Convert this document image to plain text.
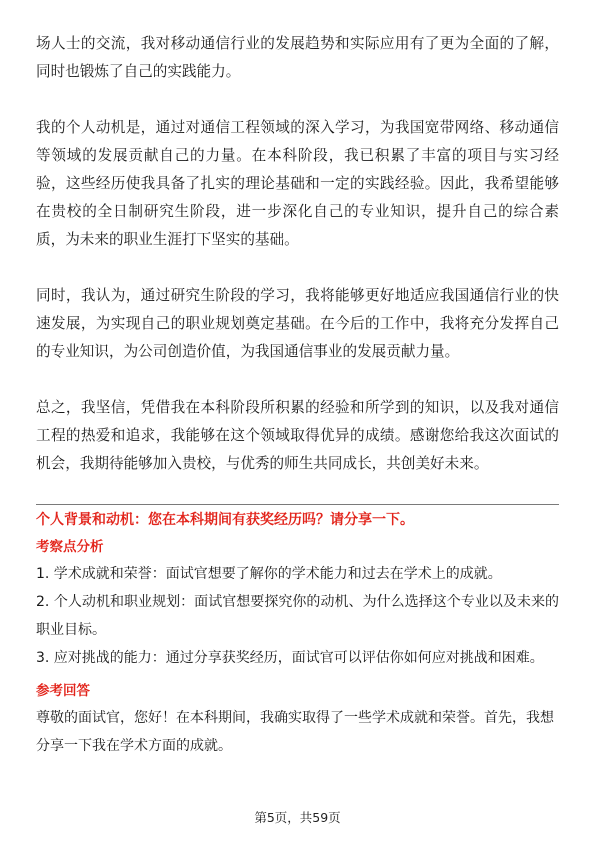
场人士的交流，我对移动通信行业的发展趋势和实际应用有了更为全面的了解，同时也锻炼了自己的实践能力。

我的个人动机是，通过对通信工程领域的深入学习，为我国宽带网络、移动通信等领域的发展贡献自己的力量。在本科阶段，我已积累了丰富的项目与实习经验，这些经历使我具备了扎实的理论基础和一定的实践经验。因此，我希望能够在贵校的全日制研究生阶段，进一步深化自己的专业知识，提升自己的综合素质，为未来的职业生涯打下坚实的基础。

同时，我认为，通过研究生阶段的学习，我将能够更好地适应我国通信行业的快速发展，为实现自己的职业规划奠定基础。在今后的工作中，我将充分发挥自己的专业知识，为公司创造价值，为我国通信事业的发展贡献力量。

总之，我坚信，凭借我在本科阶段所积累的经验和所学到的知识，以及我对通信工程的热爱和追求，我能够在这个领域取得优异的成绩。感谢您给我这次面试的机会，我期待能够加入贵校，与优秀的师生共同成长，共创美好未来。

个人背景和动机：您在本科期间有获奖经历吗？请分享一下。

考察点分析

1. 学术成就和荣誉：面试官想要了解你的学术能力和过去在学术上的成就。

2. 个人动机和职业规划：面试官想要探究你的动机、为什么选择这个专业以及未来的职业目标。

3. 应对挑战的能力：通过分享获奖经历，面试官可以评估你如何应对挑战和困难。

参考回答

尊敬的面试官，您好！在本科期间，我确实取得了一些学术成就和荣誉。首先，我想分享一下我在学术方面的成就。

第5页，共59页
